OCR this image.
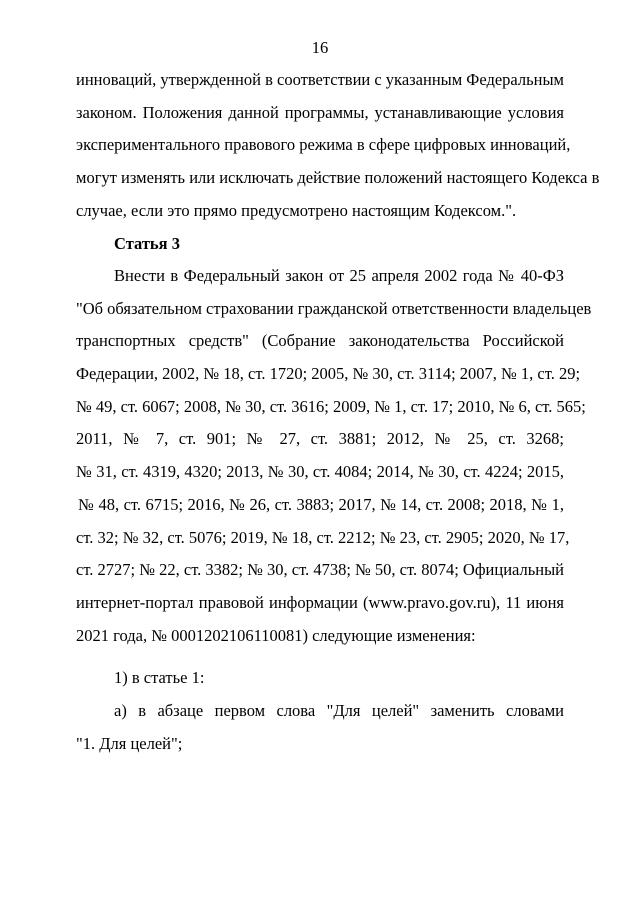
16
инноваций, утвержденной в соответствии с указанным Федеральным
законом. Положения данной программы, устанавливающие условия
экспериментального правового режима в сфере цифровых инноваций,
могут изменять или исключать действие положений настоящего Кодекса в
случае, если это прямо предусмотрено настоящим Кодексом.".
Статья 3
Внести в Федеральный закон от 25 апреля 2002 года № 40-ФЗ
"Об обязательном страховании гражданской ответственности владельцев
транспортных средств" (Собрание законодательства Российской
Федерации, 2002, № 18, ст. 1720; 2005, № 30, ст. 3114; 2007, № 1, ст. 29;
№ 49, ст. 6067; 2008, № 30, ст. 3616; 2009, № 1, ст. 17; 2010, № 6, ст. 565;
2011, № 7, ст. 901; № 27, ст. 3881; 2012, № 25, ст. 3268;
№ 31, ст. 4319, 4320; 2013, № 30, ст. 4084; 2014, № 30, ст. 4224; 2015,
№ 48, ст. 6715; 2016, № 26, ст. 3883; 2017, № 14, ст. 2008; 2018, № 1,
ст. 32; № 32, ст. 5076; 2019, № 18, ст. 2212; № 23, ст. 2905; 2020, № 17,
ст. 2727; № 22, ст. 3382; № 30, ст. 4738; № 50, ст. 8074; Официальный
интернет-портал правовой информации (www.pravo.gov.ru), 11 июня
2021 года, № 0001202106110081) следующие изменения:
1) в статье 1:
а) в абзаце первом слова "Для целей" заменить словами
"1. Для целей";
